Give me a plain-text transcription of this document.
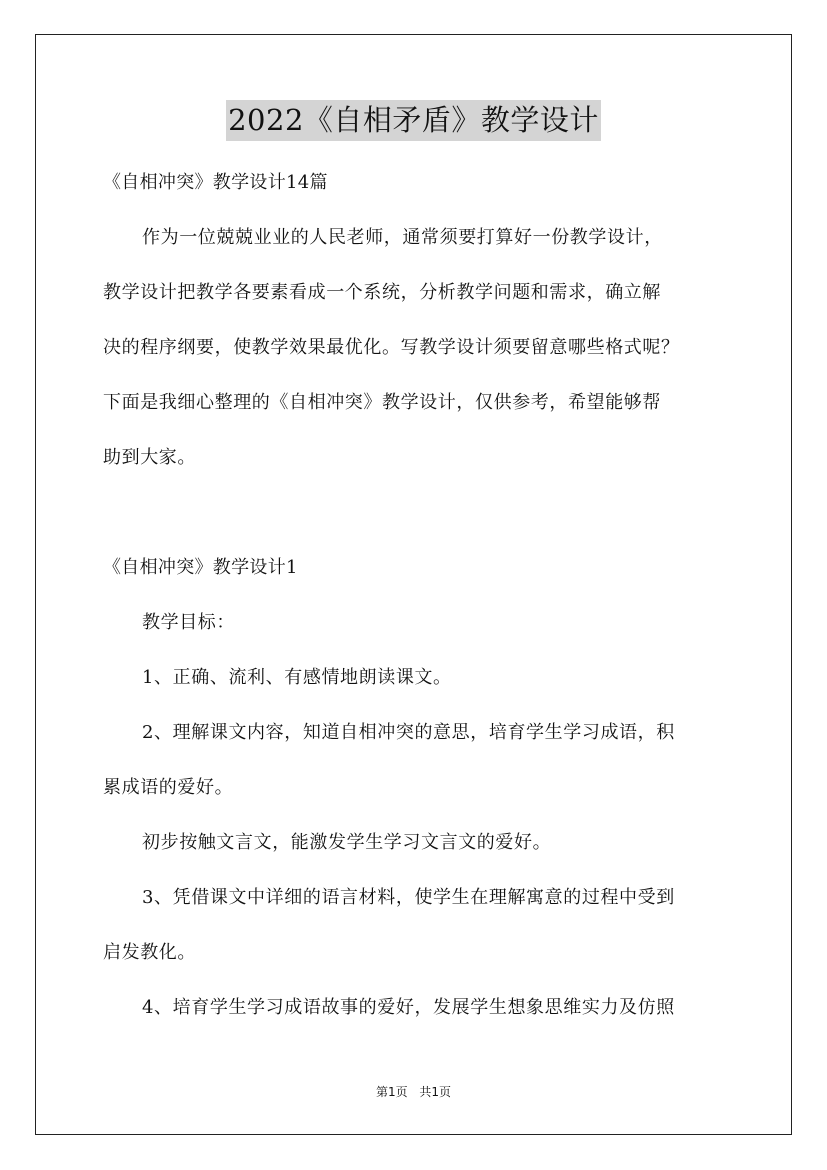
2022《自相矛盾》教学设计
《自相冲突》教学设计14篇
作为一位兢兢业业的人民老师，通常须要打算好一份教学设计，
教学设计把教学各要素看成一个系统，分析教学问题和需求，确立解
决的程序纲要，使教学效果最优化。写教学设计须要留意哪些格式呢？
下面是我细心整理的《自相冲突》教学设计，仅供参考，希望能够帮
助到大家。
《自相冲突》教学设计1
教学目标：
1、正确、流利、有感情地朗读课文。
2、理解课文内容，知道自相冲突的意思，培育学生学习成语，积
累成语的爱好。
初步按触文言文，能激发学生学习文言文的爱好。
3、凭借课文中详细的语言材料，使学生在理解寓意的过程中受到
启发教化。
4、培育学生学习成语故事的爱好，发展学生想象思维实力及仿照
第1页 共1页
